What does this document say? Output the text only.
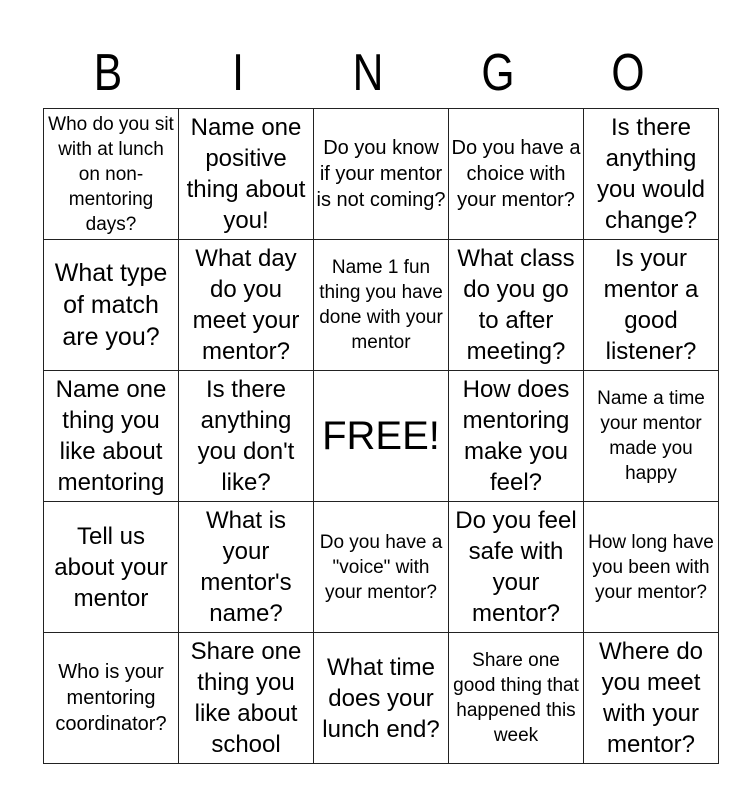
B	I	N	G	O
Who do you sit with at lunch on non-mentoring days?	Name one positive thing about you!	Do you know if your mentor is not coming?	Do you have a choice with your mentor?	Is there anything you would change?
What type of match are you?	What day do you meet your mentor?	Name 1 fun thing you have done with your mentor	What class do you go to after meeting?	Is your mentor a good listener?
Name one thing you like about mentoring	Is there anything you don't like?	FREE!	How does mentoring make you feel?	Name a time your mentor made you happy
Tell us about your mentor	What is your mentor's name?	Do you have a "voice" with your mentor?	Do you feel safe with your mentor?	How long have you been with your mentor?
Who is your mentoring coordinator?	Share one thing you like about school	What time does your lunch end?	Share one good thing that happened this week	Where do you meet with your mentor?
